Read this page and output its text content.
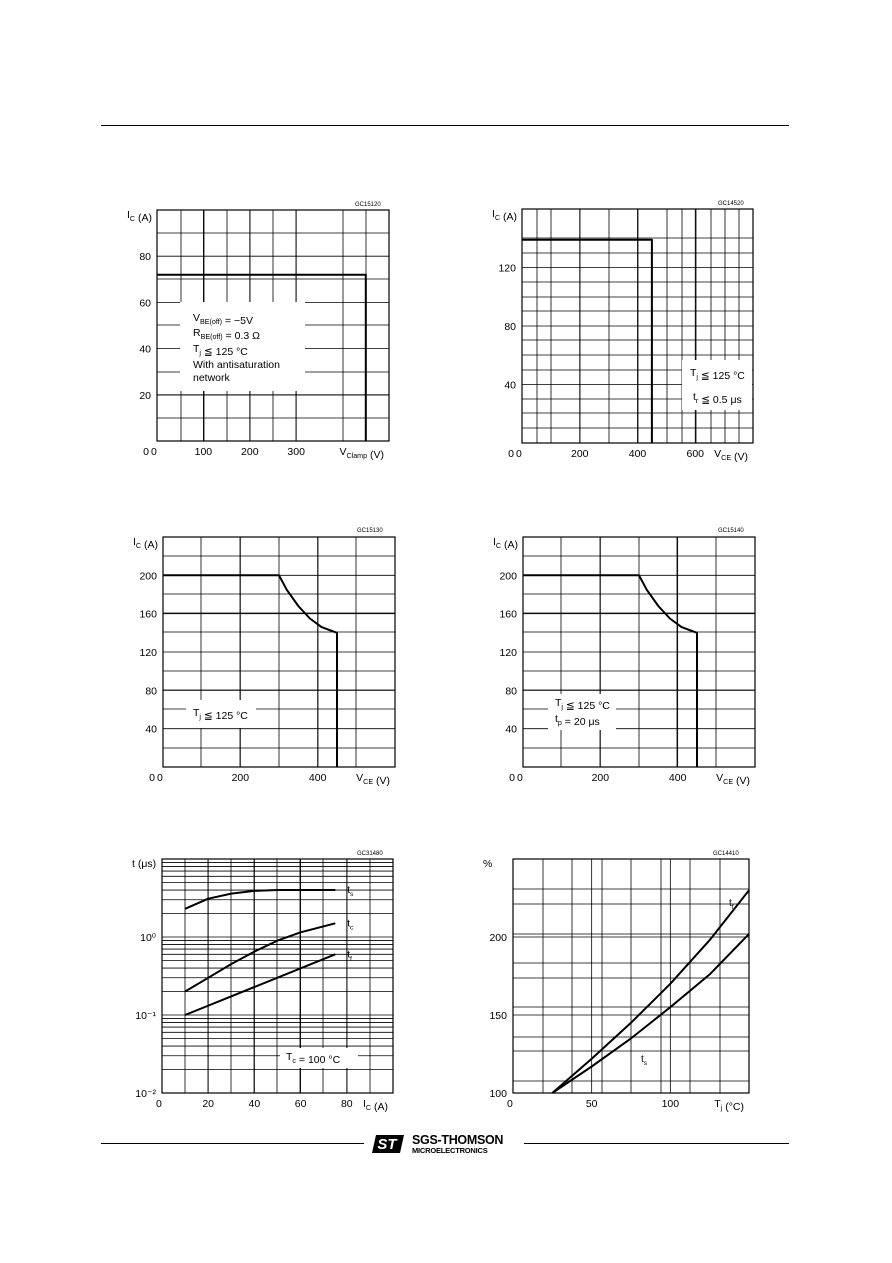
20
40
60
80
0	100	200	300
0
$I_C$ (A)
$V_{Clamp}$ (V)
GC15120
$V_{BE(off)} = -5V$
$R_{BE(off)} = 0.3$ Ω
$T_j$ ≦ 125 °C
With antisaturation
network
40
80
120
0	200	400	600
0
$I_C$ (A)
$V_{CE}$ (V)
GC14520
$T_j$ ≦ 125 °C
$t_r$ ≦ 0.5 μs
40
80
120
160
200
0	200	400
0
$I_C$ (A)
$V_{CE}$ (V)
GC15130
$T_j$ ≦ 125 °C
40
80
120
160
200
0	200	400
0
$I_C$ (A)
$V_{CE}$ (V)
GC15140
$T_j$ ≦ 125 °C
$t_p = 20$ μs
$t_s$
$t_c$
$t_f$
10⁻²
10⁻¹
10⁰
0	20	40	60	80
t (μs)
$I_C$ (A)
GC31480
$T_c = 100$ °C
$t_f$
$t_s$
100
150
200
0	50	100
%
$T_j$ (°C)
GC14410
ST SGS-THOMSON
MICROELECTRONICS
